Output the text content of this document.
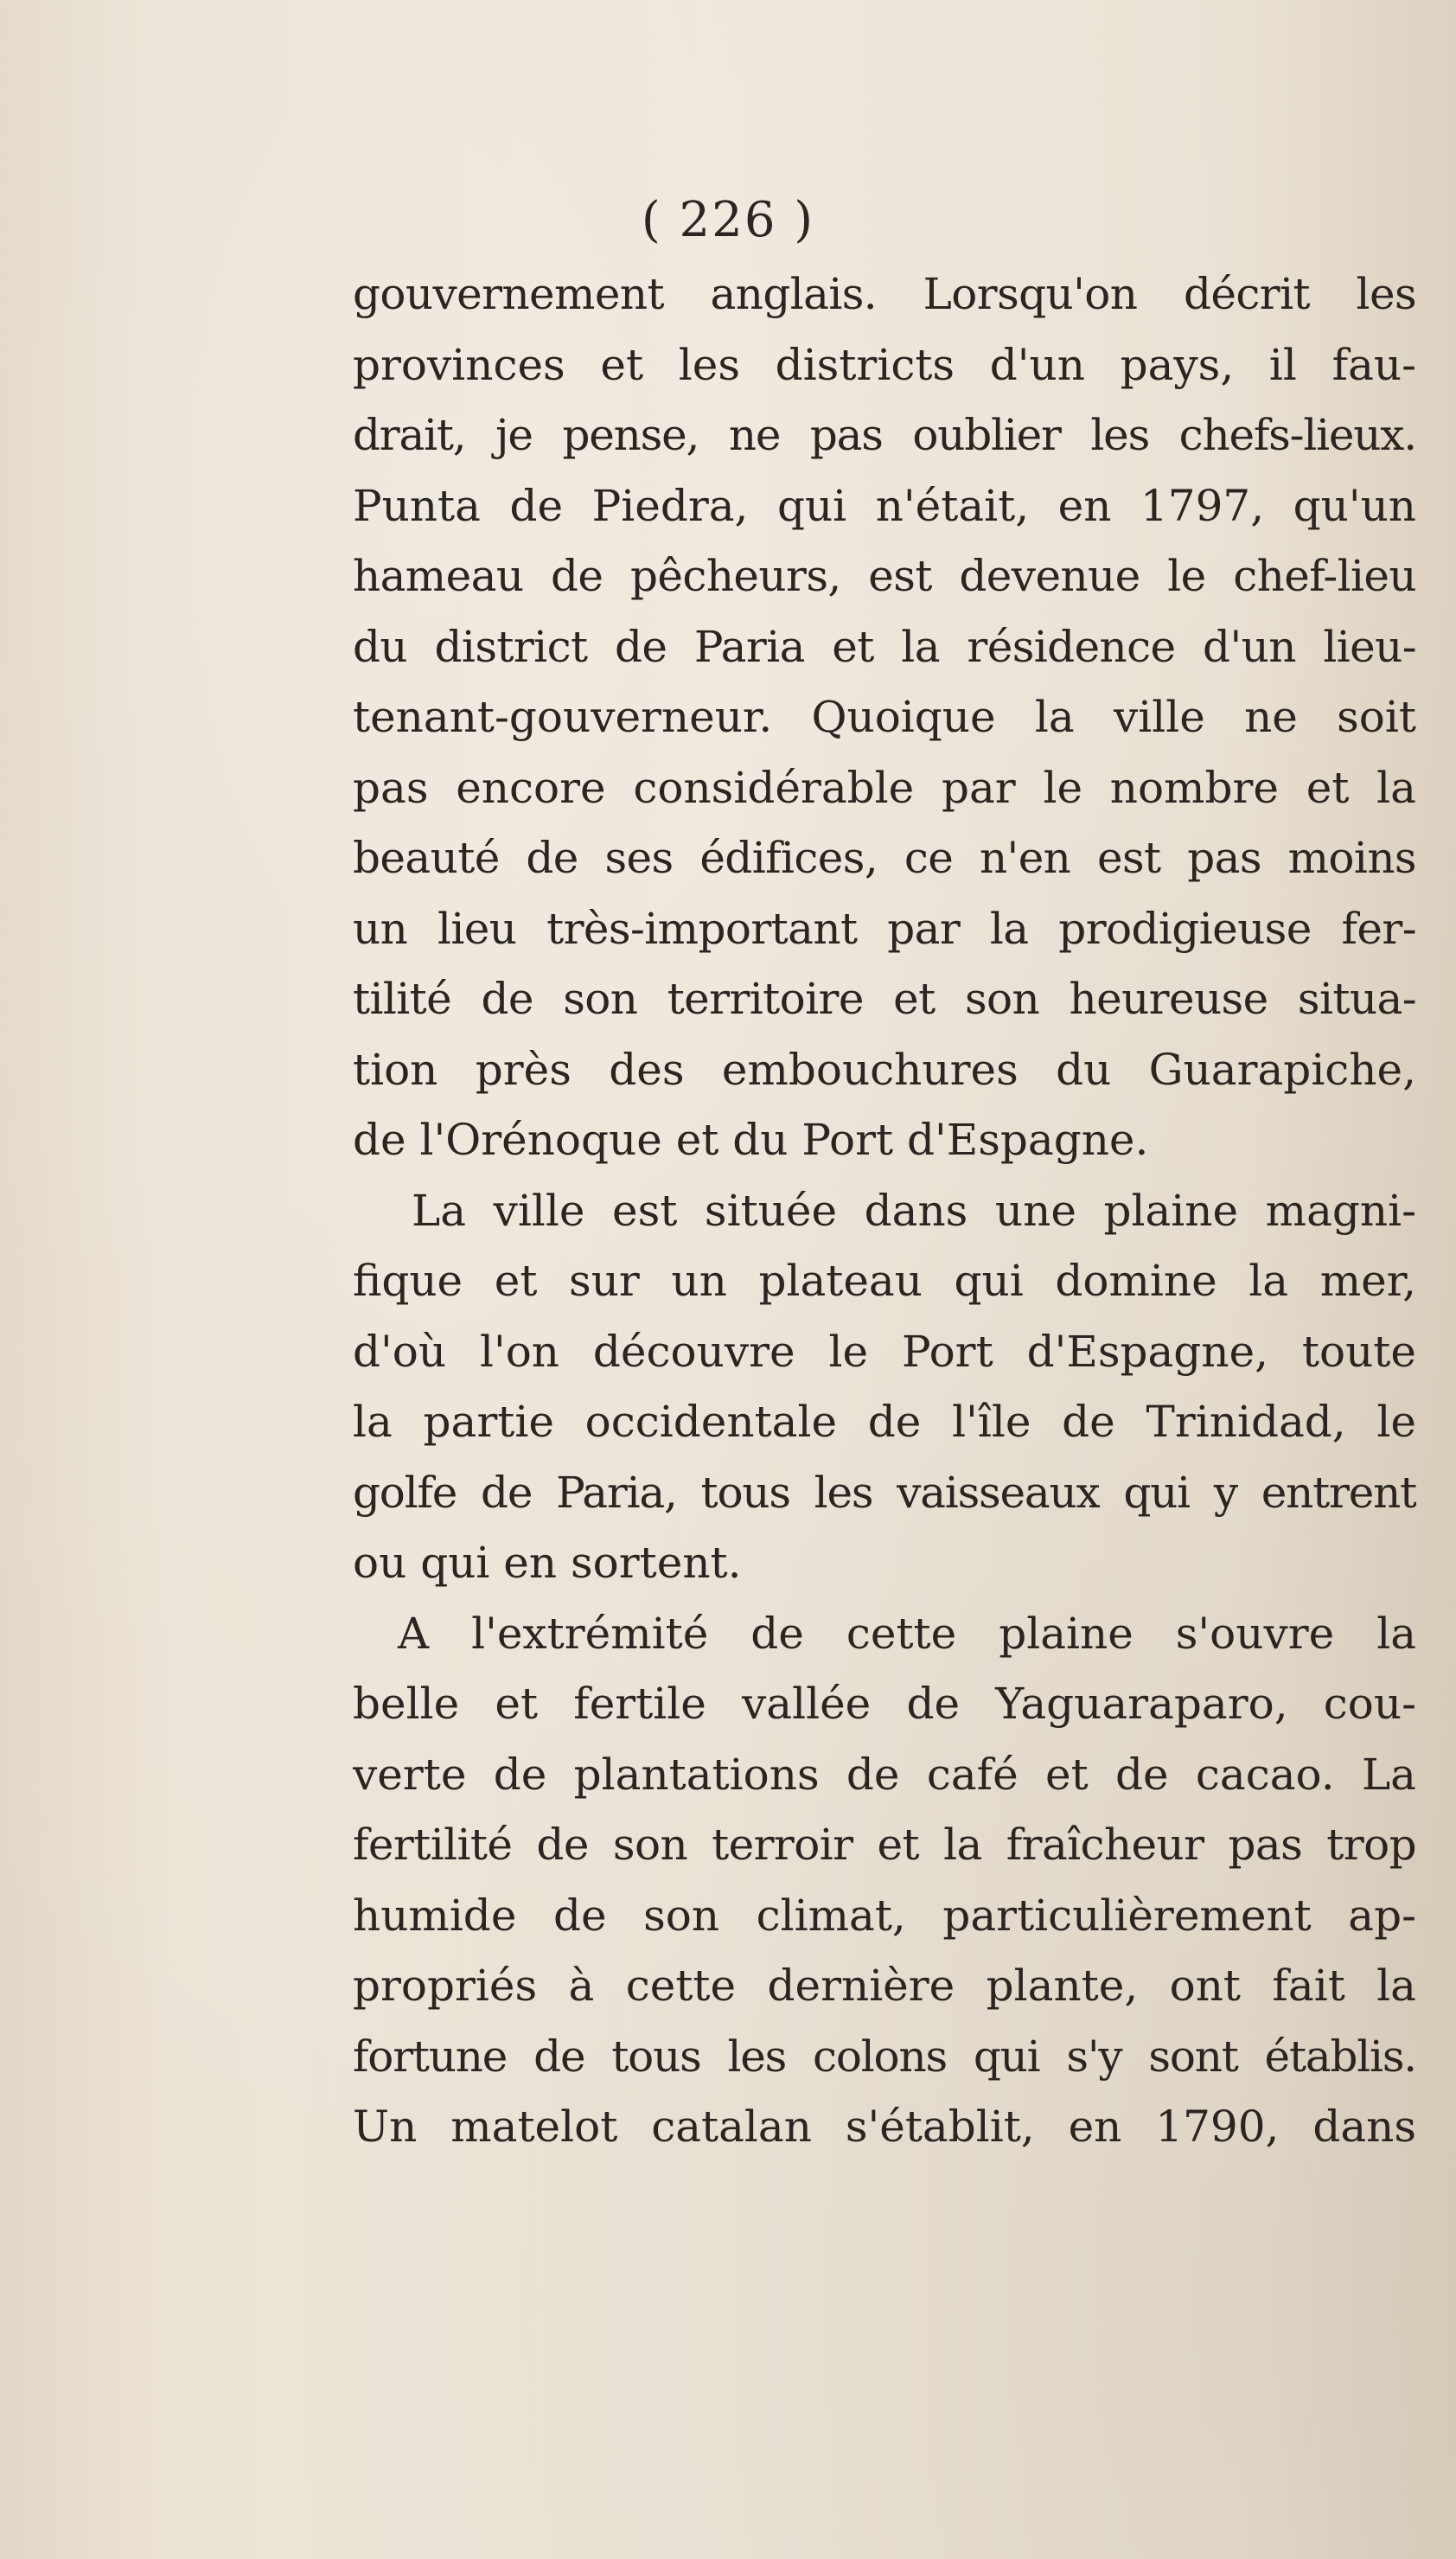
( 226 )
gouvernement anglais. Lorsqu'on décrit les
provinces et les districts d'un pays, il fau-
drait, je pense, ne pas oublier les chefs-lieux.
Punta de Piedra, qui n'était, en 1797, qu'un
hameau de pêcheurs, est devenue le chef-lieu
du district de Paria et la résidence d'un lieu-
tenant-gouverneur. Quoique la ville ne soit
pas encore considérable par le nombre et la
beauté de ses édifices, ce n'en est pas moins
un lieu très-important par la prodigieuse fer-
tilité de son territoire et son heureuse situa-
tion près des embouchures du Guarapiche,
de l'Orénoque et du Port d'Espagne.
La ville est située dans une plaine magni-
fique et sur un plateau qui domine la mer,
d'où l'on découvre le Port d'Espagne, toute
la partie occidentale de l'île de Trinidad, le
golfe de Paria, tous les vaisseaux qui y entrent
ou qui en sortent.
A l'extrémité de cette plaine s'ouvre la
belle et fertile vallée de Yaguaraparo, cou-
verte de plantations de café et de cacao. La
fertilité de son terroir et la fraîcheur pas trop
humide de son climat, particulièrement ap-
propriés à cette dernière plante, ont fait la
fortune de tous les colons qui s'y sont établis.
Un matelot catalan s'établit, en 1790, dans
